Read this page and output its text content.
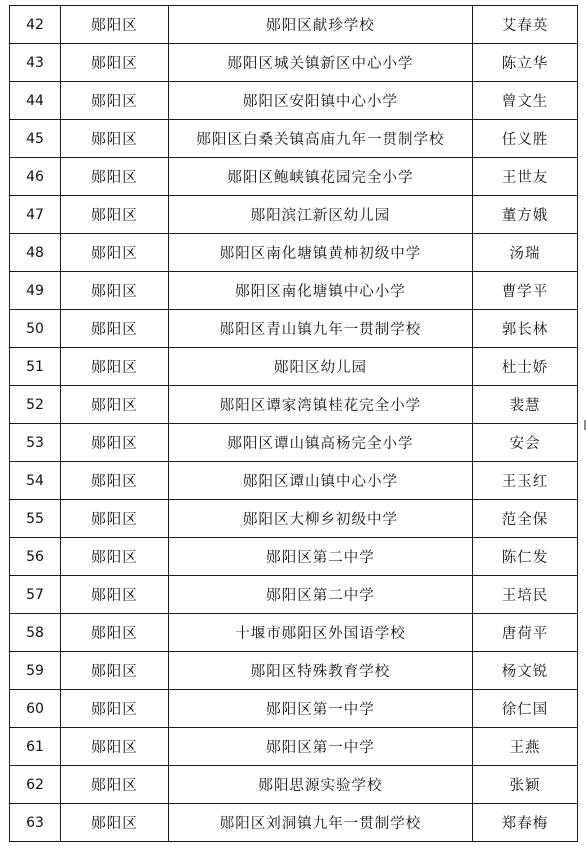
42	郧阳区	郧阳区献珍学校	艾春英
43	郧阳区	郧阳区城关镇新区中心小学	陈立华
44	郧阳区	郧阳区安阳镇中心小学	曾文生
45	郧阳区	郧阳区白桑关镇高庙九年一贯制学校	任义胜
46	郧阳区	郧阳区鲍峡镇花园完全小学	王世友
47	郧阳区	郧阳滨江新区幼儿园	董方娥
48	郧阳区	郧阳区南化塘镇黄柿初级中学	汤瑞
49	郧阳区	郧阳区南化塘镇中心小学	曹学平
50	郧阳区	郧阳区青山镇九年一贯制学校	郭长林
51	郧阳区	郧阳区幼儿园	杜士娇
52	郧阳区	郧阳区谭家湾镇桂花完全小学	裴慧
53	郧阳区	郧阳区谭山镇高杨完全小学	安会
54	郧阳区	郧阳区谭山镇中心小学	王玉红
55	郧阳区	郧阳区大柳乡初级中学	范全保
56	郧阳区	郧阳区第二中学	陈仁发
57	郧阳区	郧阳区第二中学	王培民
58	郧阳区	十堰市郧阳区外国语学校	唐荷平
59	郧阳区	郧阳区特殊教育学校	杨文锐
60	郧阳区	郧阳区第一中学	徐仁国
61	郧阳区	郧阳区第一中学	王燕
62	郧阳区	郧阳思源实验学校	张颖
63	郧阳区	郧阳区刘洞镇九年一贯制学校	郑春梅
